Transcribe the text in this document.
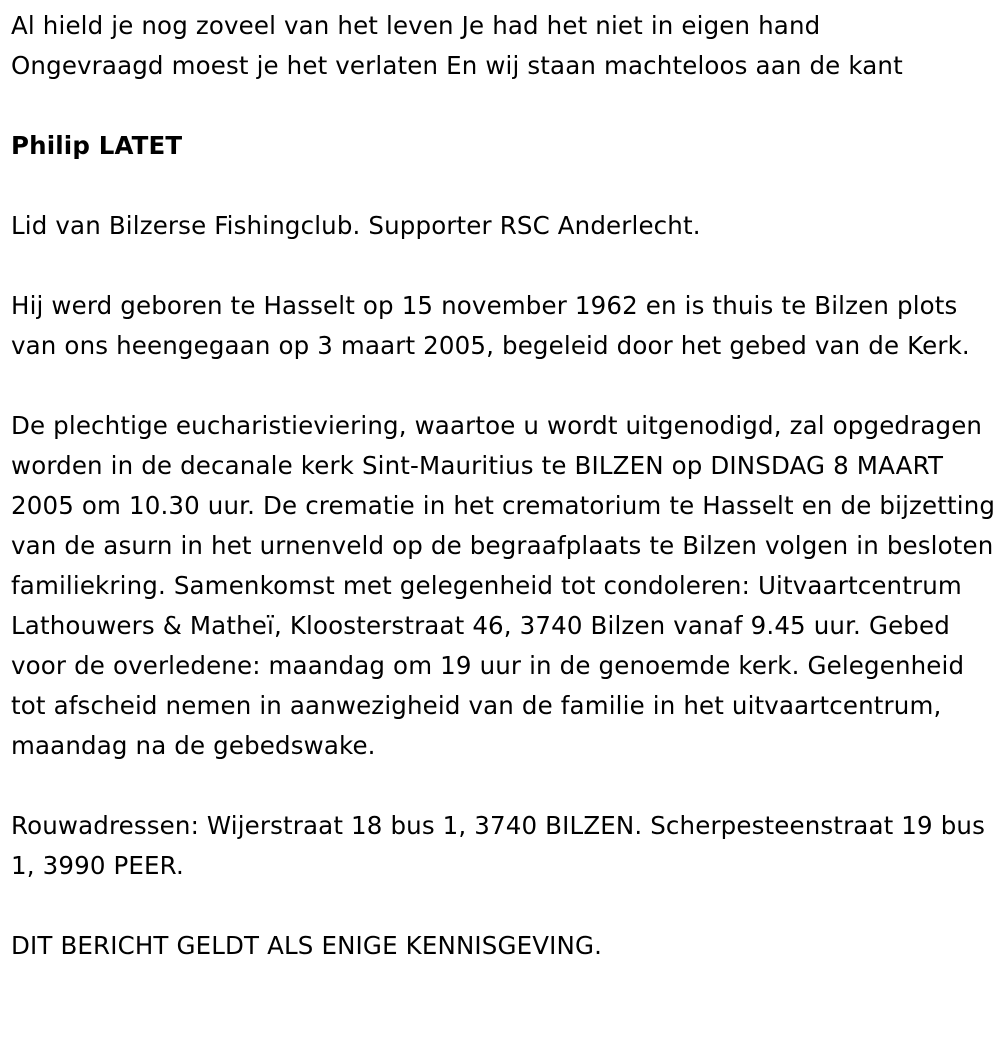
Al hield je nog zoveel van het leven Je had het niet in eigen hand
Ongevraagd moest je het verlaten En wij staan machteloos aan de kant

Philip LATET

Lid van Bilzerse Fishingclub. Supporter RSC Anderlecht.

Hij werd geboren te Hasselt op 15 november 1962 en is thuis te Bilzen plots van ons heengegaan op 3 maart 2005, begeleid door het gebed van de Kerk.

De plechtige eucharistieviering, waartoe u wordt uitgenodigd, zal opgedragen worden in de decanale kerk Sint-Mauritius te BILZEN op DINSDAG 8 MAART 2005 om 10.30 uur. De crematie in het crematorium te Hasselt en de bijzetting van de asurn in het urnenveld op de begraafplaats te Bilzen volgen in besloten familiekring. Samenkomst met gelegenheid tot condoleren: Uitvaartcentrum Lathouwers & Matheï, Kloosterstraat 46, 3740 Bilzen vanaf 9.45 uur. Gebed voor de overledene: maandag om 19 uur in de genoemde kerk. Gelegenheid tot afscheid nemen in aanwezigheid van de familie in het uitvaartcentrum, maandag na de gebedswake.

Rouwadressen: Wijerstraat 18 bus 1, 3740 BILZEN. Scherpesteenstraat 19 bus 1, 3990 PEER.

DIT BERICHT GELDT ALS ENIGE KENNISGEVING.
